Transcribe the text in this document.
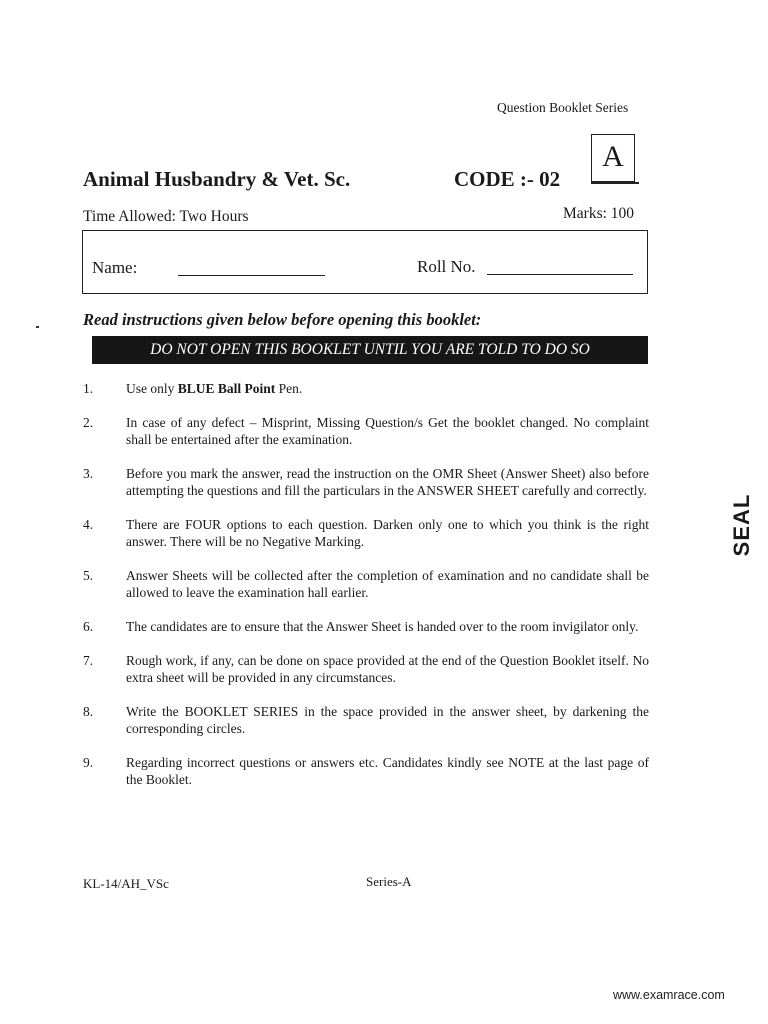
Question Booklet Series
A
Animal Husbandry & Vet. Sc.	CODE :- 02
Time Allowed: Two Hours	Marks: 100
Name:	Roll No.
Read instructions given below before opening this booklet:
DO NOT OPEN THIS BOOKLET UNTIL YOU ARE TOLD TO DO SO
1. Use only BLUE Ball Point Pen.
2. In case of any defect – Misprint, Missing Question/s Get the booklet changed. No complaint shall be entertained after the examination.
3. Before you mark the answer, read the instruction on the OMR Sheet (Answer Sheet) also before attempting the questions and fill the particulars in the ANSWER SHEET carefully and correctly.
4. There are FOUR options to each question. Darken only one to which you think is the right answer. There will be no Negative Marking.
5. Answer Sheets will be collected after the completion of examination and no candidate shall be allowed to leave the examination hall earlier.
6. The candidates are to ensure that the Answer Sheet is handed over to the room invigilator only.
7. Rough work, if any, can be done on space provided at the end of the Question Booklet itself. No extra sheet will be provided in any circumstances.
8. Write the BOOKLET SERIES in the space provided in the answer sheet, by darkening the corresponding circles.
9. Regarding incorrect questions or answers etc. Candidates kindly see NOTE at the last page of the Booklet.
SEAL
KL-14/AH_VSc	Series-A
www.examrace.com
